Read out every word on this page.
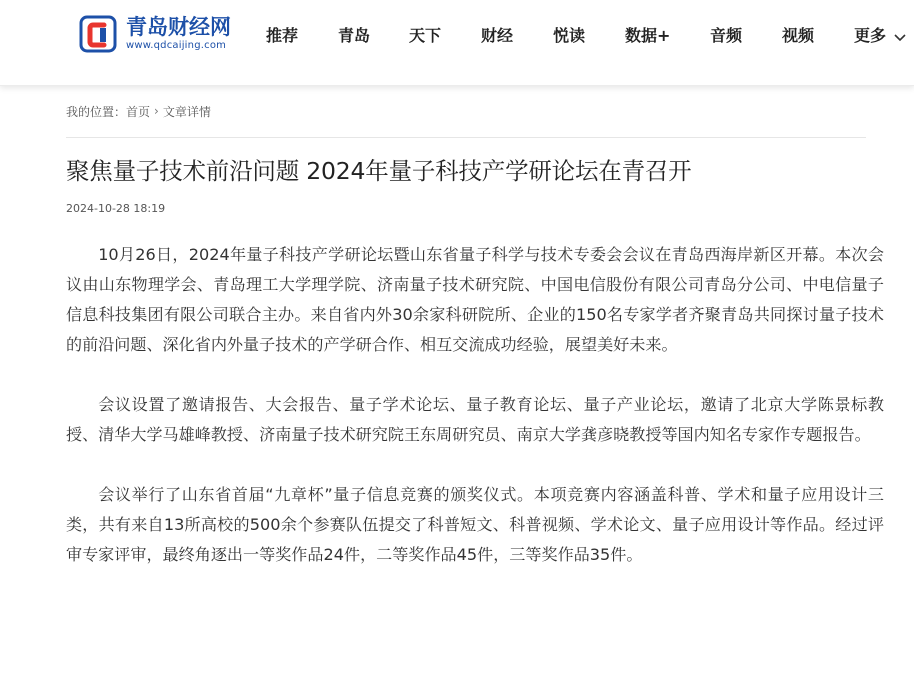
青岛财经网
www.qdcaijing.com
推荐 青岛 天下 财经 悦读 数据+ 音频 视频 更多
我的位置： 首页 › 文章详情
聚焦量子技术前沿问题 2024年量子科技产学研论坛在青召开
2024-10-28 18:19

10月26日，2024年量子科技产学研论坛暨山东省量子科学与技术专委会会议在青岛西海岸新区开幕。本次会议由山东物理学会、青岛理工大学理学院、济南量子技术研究院、中国电信股份有限公司青岛分公司、中电信量子信息科技集团有限公司联合主办。来自省内外30余家科研院所、企业的150名专家学者齐聚青岛共同探讨量子技术的前沿问题、深化省内外量子技术的产学研合作、相互交流成功经验，展望美好未来。

会议设置了邀请报告、大会报告、量子学术论坛、量子教育论坛、量子产业论坛，邀请了北京大学陈景标教授、清华大学马雄峰教授、济南量子技术研究院王东周研究员、南京大学龚彦晓教授等国内知名专家作专题报告。

会议举行了山东省首届“九章杯”量子信息竞赛的颁奖仪式。本项竞赛内容涵盖科普、学术和量子应用设计三类，共有来自13所高校的500余个参赛队伍提交了科普短文、科普视频、学术论文、量子应用设计等作品。经过评审专家评审，最终角逐出一等奖作品24件，二等奖作品45件，三等奖作品35件。
